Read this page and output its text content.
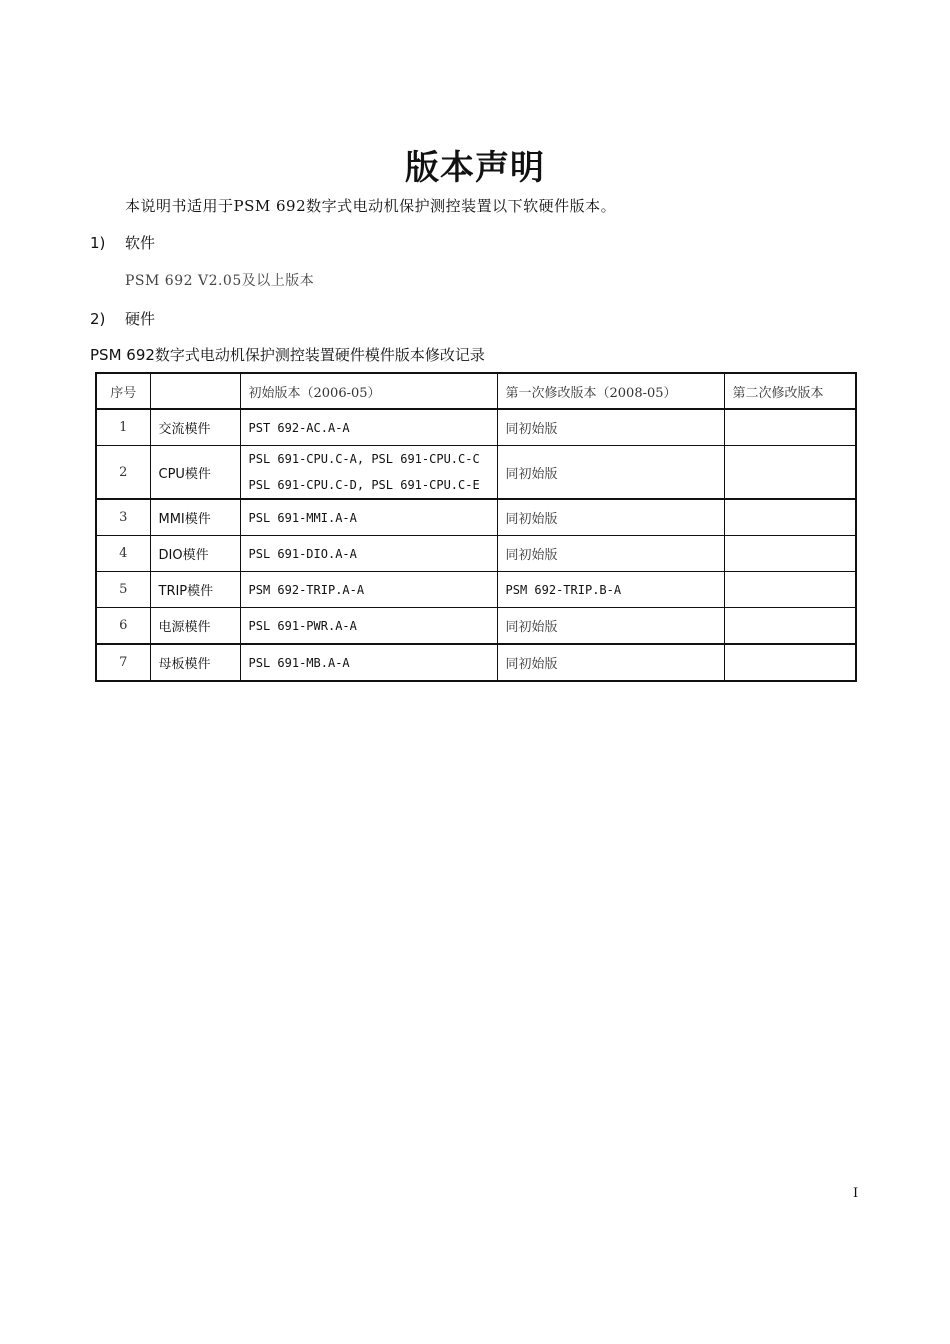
版本声明
本说明书适用于PSM 692数字式电动机保护测控装置以下软硬件版本。
1) 软件
PSM 692 V2.05及以上版本
2) 硬件
PSM 692数字式电动机保护测控装置硬件模件版本修改记录
序号		初始版本（2006-05）	第一次修改版本（2008-05）	第二次修改版本
1	交流模件	PST 692-AC.A-A	同初始版	
2	CPU模件	PSL 691-CPU.C-A, PSL 691-CPU.C-C
PSL 691-CPU.C-D, PSL 691-CPU.C-E	同初始版	
3	MMI模件	PSL 691-MMI.A-A	同初始版	
4	DIO模件	PSL 691-DIO.A-A	同初始版	
5	TRIP模件	PSM 692-TRIP.A-A	PSM 692-TRIP.B-A	
6	电源模件	PSL 691-PWR.A-A	同初始版	
7	母板模件	PSL 691-MB.A-A	同初始版	
I
